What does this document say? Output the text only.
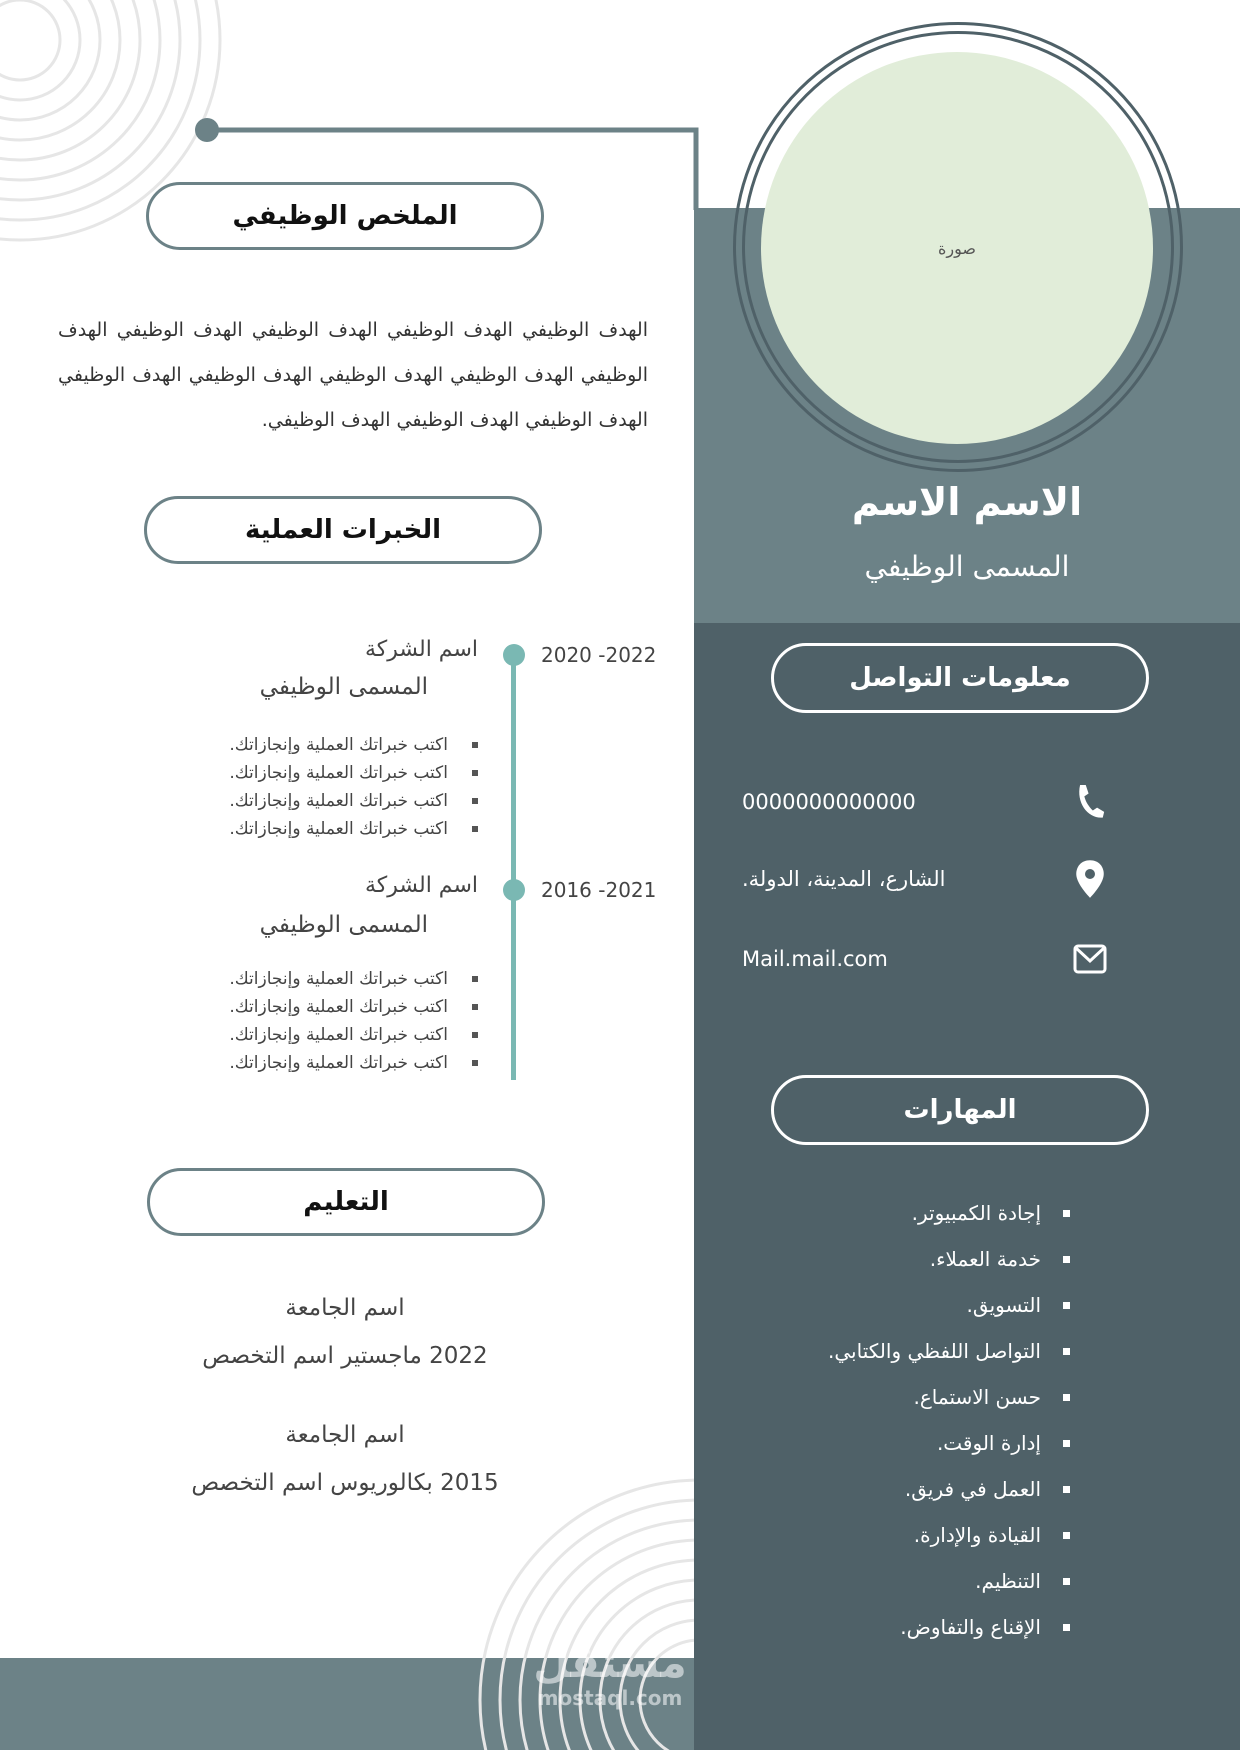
صورة
الاسم الاسم
المسمى الوظيفي
معلومات التواصل
0000000000000
الشارع، المدينة، الدولة.
Mail.mail.com
المهارات
إجادة الكمبيوتر.
خدمة العملاء.
التسويق.
التواصل اللفظي والكتابي.
حسن الاستماع.
إدارة الوقت.
العمل في فريق.
القيادة والإدارة.
التنظيم.
الإقناع والتفاوض.
الملخص الوظيفي
الهدف الوظيفي الهدف الوظيفي الهدف الوظيفي الهدف الوظيفي الهدف الوظيفي الهدف الوظيفي الهدف الوظيفي الهدف الوظيفي الهدف الوظيفي الهدف الوظيفي الهدف الوظيفي الهدف الوظيفي.
الخبرات العملية
2020 -2022
اسم الشركة
المسمى الوظيفي
اكتب خبراتك العملية وإنجازاتك.
اكتب خبراتك العملية وإنجازاتك.
اكتب خبراتك العملية وإنجازاتك.
اكتب خبراتك العملية وإنجازاتك.
2016 -2021
اسم الشركة
المسمى الوظيفي
اكتب خبراتك العملية وإنجازاتك.
اكتب خبراتك العملية وإنجازاتك.
اكتب خبراتك العملية وإنجازاتك.
اكتب خبراتك العملية وإنجازاتك.
التعليم
اسم الجامعة
2022 ماجستير اسم التخصص
اسم الجامعة
2015 بكالوريوس اسم التخصص
مستقل
mostaql.com
